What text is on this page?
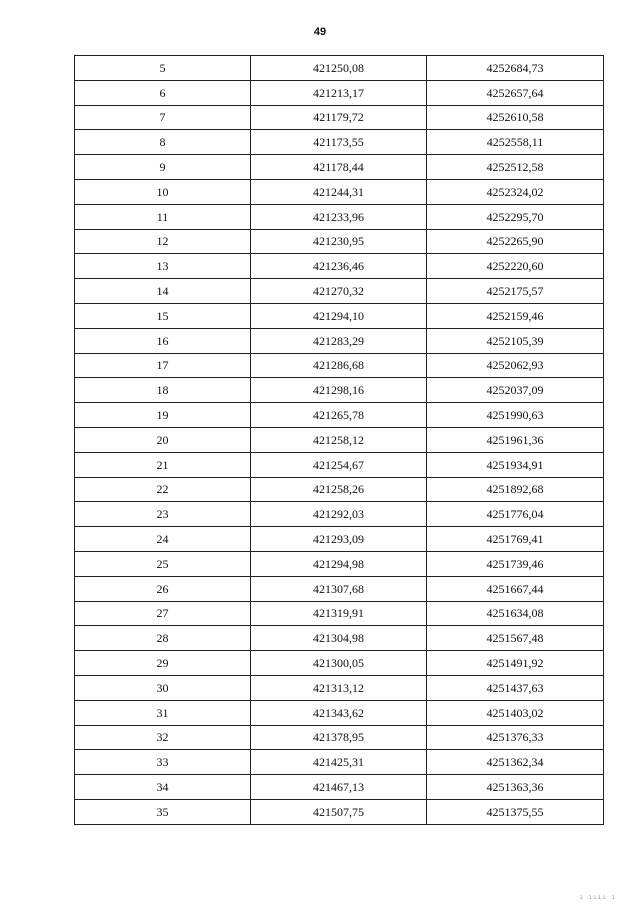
49
5	421250,08	4252684,73
6	421213,17	4252657,64
7	421179,72	4252610,58
8	421173,55	4252558,11
9	421178,44	4252512,58
10	421244,31	4252324,02
11	421233,96	4252295,70
12	421230,95	4252265,90
13	421236,46	4252220,60
14	421270,32	4252175,57
15	421294,10	4252159,46
16	421283,29	4252105,39
17	421286,68	4252062,93
18	421298,16	4252037,09
19	421265,78	4251990,63
20	421258,12	4251961,36
21	421254,67	4251934,91
22	421258,26	4251892,68
23	421292,03	4251776,04
24	421293,09	4251769,41
25	421294,98	4251739,46
26	421307,68	4251667,44
27	421319,91	4251634,08
28	421304,98	4251567,48
29	421300,05	4251491,92
30	421313,12	4251437,63
31	421343,62	4251403,02
32	421378,95	4251376,33
33	421425,31	4251362,34
34	421467,13	4251363,36
35	421507,75	4251375,55
ı ıııı ı
